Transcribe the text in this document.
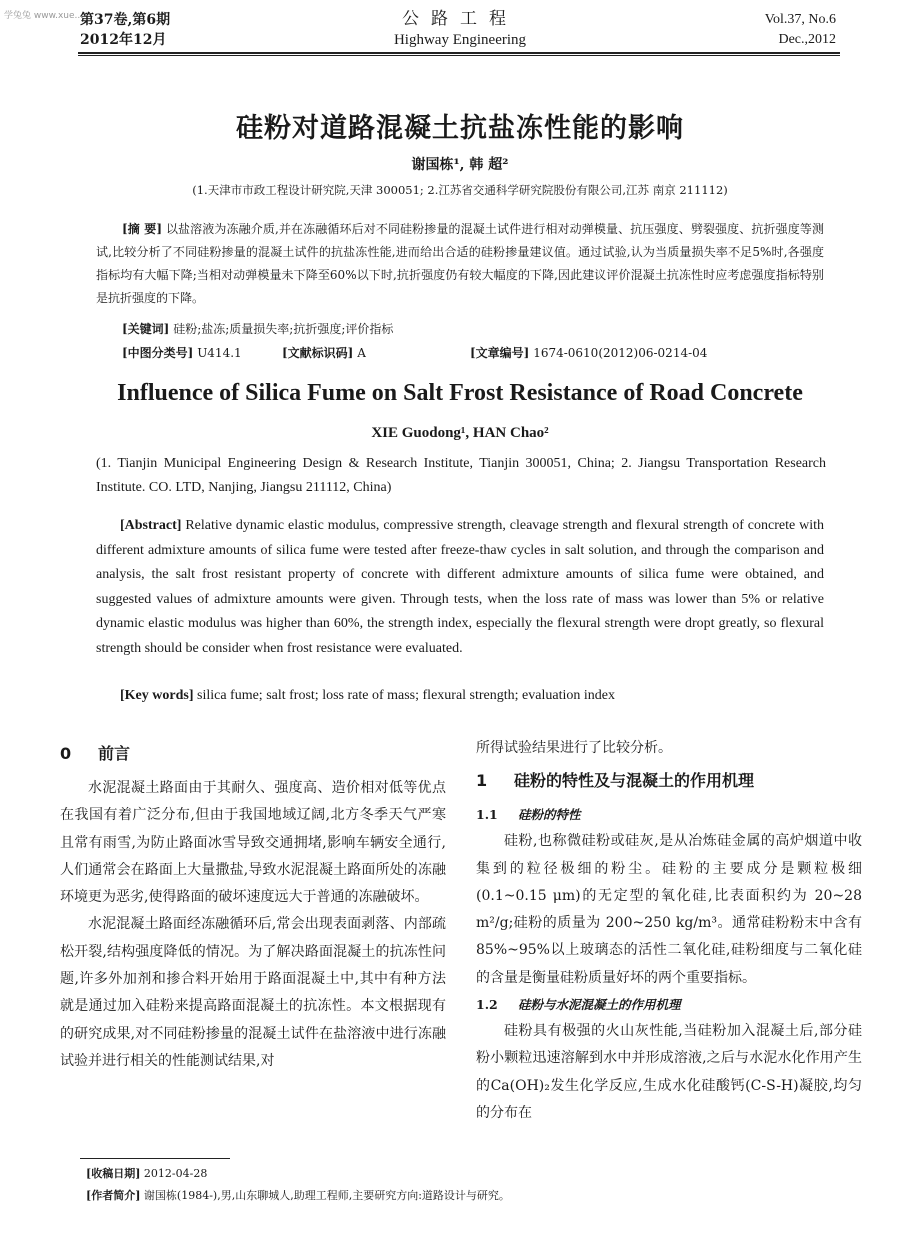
学兔兔 www.xue...
第37卷,第6期
2012年12月
公路工程
Highway Engineering
Vol.37, No.6
Dec.,2012
硅粉对道路混凝土抗盐冻性能的影响
谢国栋¹, 韩 超²
(1.天津市市政工程设计研究院,天津 300051; 2.江苏省交通科学研究院股份有限公司,江苏 南京 211112)
[摘 要] 以盐溶液为冻融介质,并在冻融循环后对不同硅粉掺量的混凝土试件进行相对动弹模量、抗压强度、劈裂强度、抗折强度等测试,比较分析了不同硅粉掺量的混凝土试件的抗盐冻性能,进而给出合适的硅粉掺量建议值。通过试验,认为当质量损失率不足5%时,各强度指标均有大幅下降;当相对动弹模量未下降至60%以下时,抗折强度仍有较大幅度的下降,因此建议评价混凝土抗冻性时应考虑强度指标特别是抗折强度的下降。
[关键词] 硅粉;盐冻;质量损失率;抗折强度;评价指标
[中图分类号] U414.1	[文献标识码] A	[文章编号] 1674-0610(2012)06-0214-04
Influence of Silica Fume on Salt Frost Resistance of Road Concrete
XIE Guodong¹, HAN Chao²
(1. Tianjin Municipal Engineering Design & Research Institute, Tianjin 300051, China; 2. Jiangsu Transportation Research Institute. CO. LTD, Nanjing, Jiangsu 211112, China)
[Abstract] Relative dynamic elastic modulus, compressive strength, cleavage strength and flexural strength of concrete with different admixture amounts of silica fume were tested after freeze-thaw cycles in salt solution, and through the comparison and analysis, the salt frost resistant property of concrete with different admixture amounts of silica fume were obtained, and suggested values of admixture amounts were given. Through tests, when the loss rate of mass was lower than 5% or relative dynamic elastic modulus was higher than 60%, the strength index, especially the flexural strength were dropt greatly, so flexural strength should be consider when frost resistance were evaluated.
[Key words] silica fume; salt frost; loss rate of mass; flexural strength; evaluation index
0 前言

水泥混凝土路面由于其耐久、强度高、造价相对低等优点在我国有着广泛分布,但由于我国地域辽阔,北方冬季天气严寒且常有雨雪,为防止路面冰雪导致交通拥堵,影响车辆安全通行,人们通常会在路面上大量撒盐,导致水泥混凝土路面所处的冻融环境更为恶劣,使得路面的破坏速度远大于普通的冻融破坏。

水泥混凝土路面经冻融循环后,常会出现表面剥落、内部疏松开裂,结构强度降低的情况。为了解决路面混凝土的抗冻性问题,许多外加剂和掺合料开始用于路面混凝土中,其中有种方法就是通过加入硅粉来提高路面混凝土的抗冻性。本文根据现有的研究成果,对不同硅粉掺量的混凝土试件在盐溶液中进行冻融试验并进行相关的性能测试结果,对

所得试验结果进行了比较分析。

1 硅粉的特性及与混凝土的作用机理
1.1 硅粉的特性

硅粉,也称微硅粉或硅灰,是从冶炼硅金属的高炉烟道中收集到的粒径极细的粉尘。硅粉的主要成分是颗粒极细(0.1~0.15 μm)的无定型的氧化硅,比表面积约为 20~28 m²/g;硅粉的质量为 200~250 kg/m³。通常硅粉粉末中含有85%~95%以上玻璃态的活性二氧化硅,硅粉细度与二氧化硅的含量是衡量硅粉质量好坏的两个重要指标。

1.2 硅粉与水泥混凝土的作用机理

硅粉具有极强的火山灰性能,当硅粉加入混凝土后,部分硅粉小颗粒迅速溶解到水中并形成溶液,之后与水泥水化作用产生的Ca(OH)₂发生化学反应,生成水化硅酸钙(C-S-H)凝胶,均匀的分布在

[收稿日期] 2012-04-28
[作者简介] 谢国栋(1984-),男,山东聊城人,助理工程师,主要研究方向:道路设计与研究。
